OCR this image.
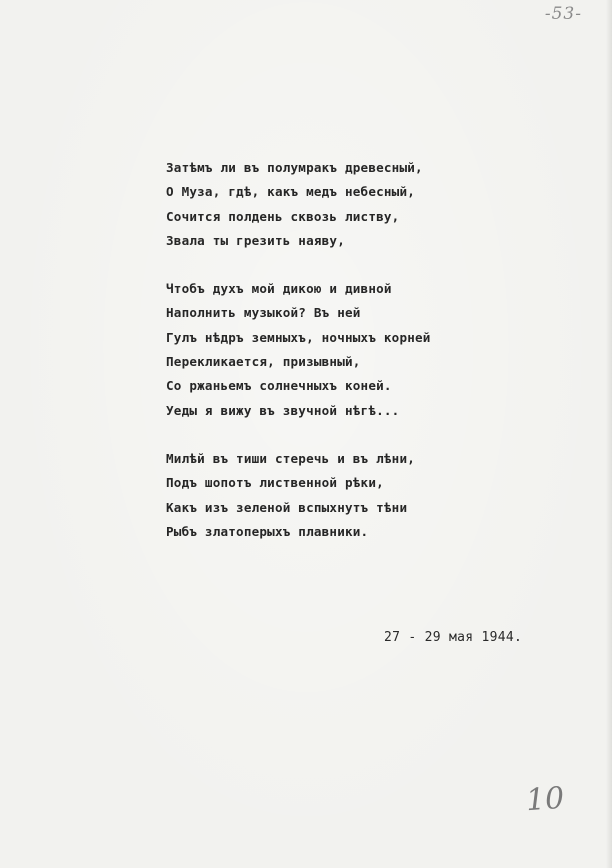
-53-
Затѣмъ ли въ полумракъ древесный,
О Муза, гдѣ, какъ медъ небесный,
Сочится полдень сквозь листву,
Звала ты грезить наяву,
Чтобъ духъ мой дикою и дивной
Наполнить музыкой? Въ ней
Гулъ нѣдръ земныхъ, ночныхъ корней
Перекликается, призывный,
Со ржаньемъ солнечныхъ коней.
Уеды я вижу въ звучной нѣгѣ...
Милѣй въ тиши стеречь и въ лѣни,
Подъ шопотъ лиственной рѣки,
Какъ изъ зеленой вспыхнутъ тѣни
Рыбъ златоперыхъ плавники.
27 - 29 мая 1944.
10
